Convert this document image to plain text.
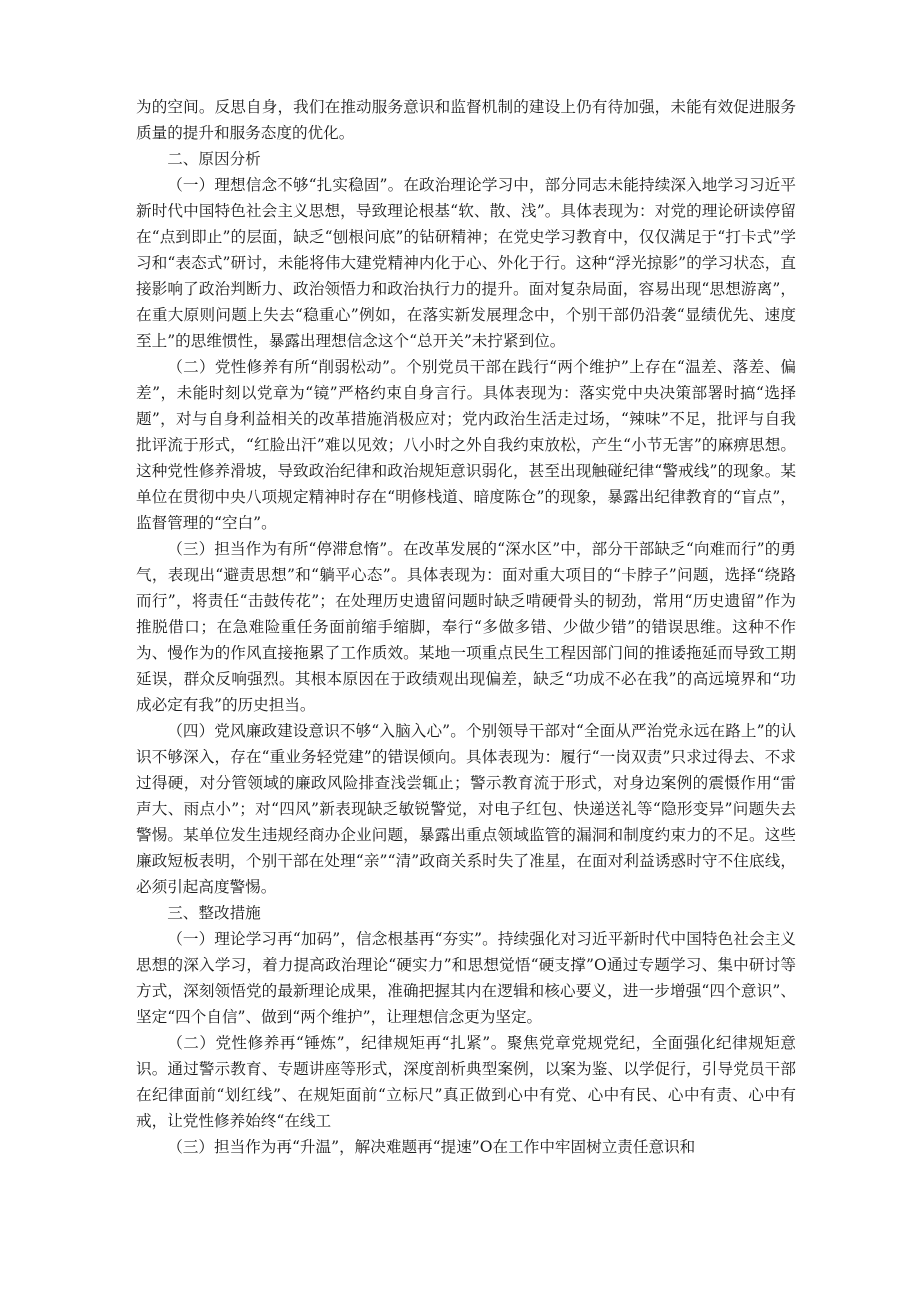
为的空间。反思自身，我们在推动服务意识和监督机制的建设上仍有待加强，未能有效促进服务质量的提升和服务态度的优化。

二、原因分析

（一）理想信念不够“扎实稳固”。在政治理论学习中，部分同志未能持续深入地学习习近平新时代中国特色社会主义思想，导致理论根基“软、散、浅”。具体表现为：对党的理论研读停留在“点到即止”的层面，缺乏“刨根问底”的钻研精神；在党史学习教育中，仅仅满足于“打卡式”学习和“表态式”研讨，未能将伟大建党精神内化于心、外化于行。这种“浮光掠影”的学习状态，直接影响了政治判断力、政治领悟力和政治执行力的提升。面对复杂局面，容易出现“思想游离”，在重大原则问题上失去“稳重心”例如，在落实新发展理念中，个别干部仍沿袭“显绩优先、速度至上”的思维惯性，暴露出理想信念这个“总开关”未拧紧到位。

（二）党性修养有所“削弱松动”。个别党员干部在践行“两个维护”上存在“温差、落差、偏差”，未能时刻以党章为“镜”严格约束自身言行。具体表现为：落实党中央决策部署时搞“选择题”，对与自身利益相关的改革措施消极应对；党内政治生活走过场，“辣味”不足，批评与自我批评流于形式，“红脸出汗”难以见效；八小时之外自我约束放松，产生“小节无害”的麻痹思想。这种党性修养滑坡，导致政治纪律和政治规矩意识弱化，甚至出现触碰纪律“警戒线”的现象。某单位在贯彻中央八项规定精神时存在“明修栈道、暗度陈仓”的现象，暴露出纪律教育的“盲点”，监督管理的“空白”。

（三）担当作为有所“停滞怠惰”。在改革发展的“深水区”中，部分干部缺乏“向难而行”的勇气，表现出“避责思想”和“躺平心态”。具体表现为：面对重大项目的“卡脖子”问题，选择“绕路而行”，将责任“击鼓传花”；在处理历史遗留问题时缺乏啃硬骨头的韧劲，常用“历史遗留”作为推脱借口；在急难险重任务面前缩手缩脚，奉行“多做多错、少做少错”的错误思维。这种不作为、慢作为的作风直接拖累了工作质效。某地一项重点民生工程因部门间的推诿拖延而导致工期延误，群众反响强烈。其根本原因在于政绩观出现偏差，缺乏“功成不必在我”的高远境界和“功成必定有我”的历史担当。

（四）党风廉政建设意识不够“入脑入心”。个别领导干部对“全面从严治党永远在路上”的认识不够深入，存在“重业务轻党建”的错误倾向。具体表现为：履行“一岗双责”只求过得去、不求过得硬，对分管领域的廉政风险排查浅尝辄止；警示教育流于形式，对身边案例的震慑作用“雷声大、雨点小”；对“四风”新表现缺乏敏锐警觉，对电子红包、快递送礼等“隐形变异”问题失去警惕。某单位发生违规经商办企业问题，暴露出重点领域监管的漏洞和制度约束力的不足。这些廉政短板表明，个别干部在处理“亲”“清”政商关系时失了准星，在面对利益诱惑时守不住底线，必须引起高度警惕。

三、整改措施

（一）理论学习再“加码”，信念根基再“夯实”。持续强化对习近平新时代中国特色社会主义思想的深入学习，着力提高政治理论“硬实力”和思想觉悟“硬支撑”O通过专题学习、集中研讨等方式，深刻领悟党的最新理论成果，准确把握其内在逻辑和核心要义，进一步增强“四个意识”、坚定“四个自信”、做到“两个维护”，让理想信念更为坚定。

（二）党性修养再“锤炼”，纪律规矩再“扎紧”。聚焦党章党规党纪，全面强化纪律规矩意识。通过警示教育、专题讲座等形式，深度剖析典型案例，以案为鉴、以学促行，引导党员干部在纪律面前“划红线”、在规矩面前“立标尺”真正做到心中有党、心中有民、心中有责、心中有戒，让党性修养始终“在线工

（三）担当作为再“升温”，解决难题再“提速”O在工作中牢固树立责任意识和
